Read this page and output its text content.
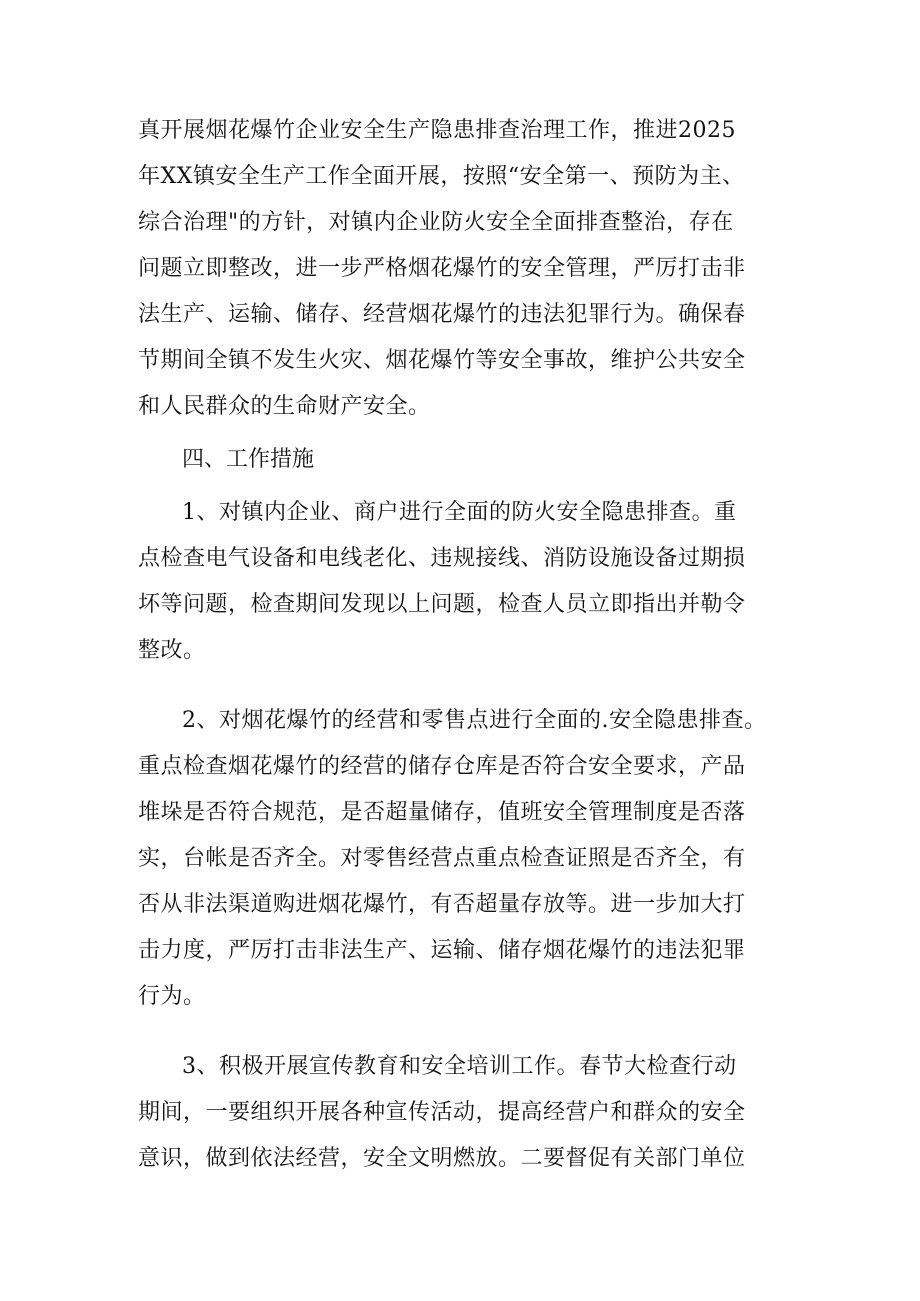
真开展烟花爆竹企业安全生产隐患排查治理工作，推进2025
年XX镇安全生产工作全面开展，按照“安全第一、预防为主、
综合治理"的方针，对镇内企业防火安全全面排查整治，存在
问题立即整改，进一步严格烟花爆竹的安全管理，严厉打击非
法生产、运输、储存、经营烟花爆竹的违法犯罪行为。确保春
节期间全镇不发生火灾、烟花爆竹等安全事故，维护公共安全
和人民群众的生命财产安全。
四、工作措施
1、对镇内企业、商户进行全面的防火安全隐患排查。重
点检查电气设备和电线老化、违规接线、消防设施设备过期损
坏等问题，检查期间发现以上问题，检查人员立即指出并勒令
整改。
2、对烟花爆竹的经营和零售点进行全面的.安全隐患排查。
重点检查烟花爆竹的经营的储存仓库是否符合安全要求，产品
堆垛是否符合规范，是否超量储存，值班安全管理制度是否落
实，台帐是否齐全。对零售经营点重点检查证照是否齐全，有
否从非法渠道购进烟花爆竹，有否超量存放等。进一步加大打
击力度，严厉打击非法生产、运输、储存烟花爆竹的违法犯罪
行为。
3、积极开展宣传教育和安全培训工作。春节大检查行动
期间，一要组织开展各种宣传活动，提高经营户和群众的安全
意识，做到依法经营，安全文明燃放。二要督促有关部门单位
